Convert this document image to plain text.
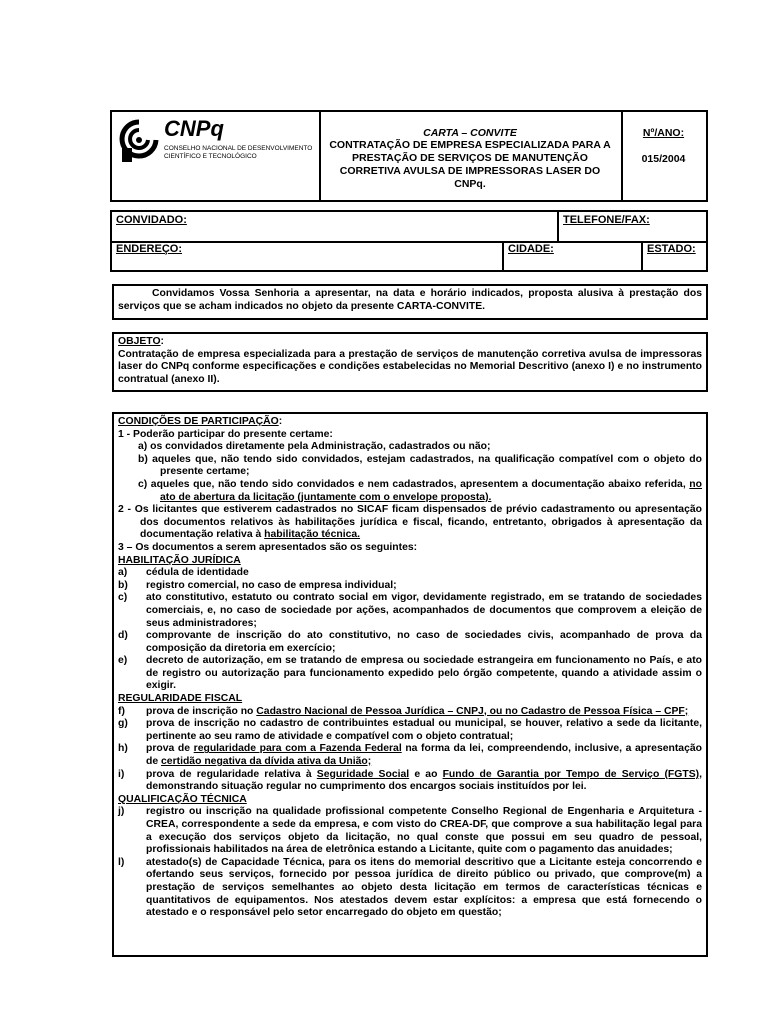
CNPq
CONSELHO NACIONAL DE DESENVOLVIMENTO CIENTÍFICO E TECNOLÓGICO
CARTA – CONVITE
CONTRATAÇÃO DE EMPRESA ESPECIALIZADA PARA A PRESTAÇÃO DE SERVIÇOS DE MANUTENÇÃO CORRETIVA AVULSA DE IMPRESSORAS LASER DO CNPq.
Nº/ANO:
015/2004
CONVIDADO:	TELEFONE/FAX:
ENDEREÇO:	CIDADE:	ESTADO:
Convidamos Vossa Senhoria a apresentar, na data e horário indicados, proposta alusiva à prestação dos serviços que se acham indicados no objeto da presente CARTA-CONVITE.
OBJETO:
Contratação de empresa especializada para a prestação de serviços de manutenção corretiva avulsa de impressoras laser do CNPq conforme especificações e condições estabelecidas no Memorial Descritivo (anexo I) e no instrumento contratual (anexo II).
CONDIÇÕES DE PARTICIPAÇÃO:
1 - Poderão participar do presente certame:
a) os convidados diretamente pela Administração, cadastrados ou não;
b) aqueles que, não tendo sido convidados, estejam cadastrados, na qualificação compatível com o objeto do presente certame;
c) aqueles que, não tendo sido convidados e nem cadastrados, apresentem a documentação abaixo referida, no ato de abertura da licitação (juntamente com o envelope proposta).
2 - Os licitantes que estiverem cadastrados no SICAF ficam dispensados de prévio cadastramento ou apresentação dos documentos relativos às habilitações jurídica e fiscal, ficando, entretanto, obrigados à apresentação da documentação relativa à habilitação técnica.
3 – Os documentos a serem apresentados são os seguintes:
HABILITAÇÃO JURÍDICA
a) cédula de identidade
b) registro comercial, no caso de empresa individual;
c) ato constitutivo, estatuto ou contrato social em vigor, devidamente registrado, em se tratando de sociedades comerciais, e, no caso de sociedade por ações, acompanhados de documentos que comprovem a eleição de seus administradores;
d) comprovante de inscrição do ato constitutivo, no caso de sociedades civis, acompanhado de prova da composição da diretoria em exercício;
e) decreto de autorização, em se tratando de empresa ou sociedade estrangeira em funcionamento no País, e ato de registro ou autorização para funcionamento expedido pelo órgão competente, quando a atividade assim o exigir.
REGULARIDADE FISCAL
f) prova de inscrição no Cadastro Nacional de Pessoa Jurídica – CNPJ, ou no Cadastro de Pessoa Física – CPF;
g) prova de inscrição no cadastro de contribuintes estadual ou municipal, se houver, relativo a sede da licitante, pertinente ao seu ramo de atividade e compatível com o objeto contratual;
h) prova de regularidade para com a Fazenda Federal na forma da lei, compreendendo, inclusive, a apresentação de certidão negativa da dívida ativa da União;
i) prova de regularidade relativa à Seguridade Social e ao Fundo de Garantia por Tempo de Serviço (FGTS), demonstrando situação regular no cumprimento dos encargos sociais instituídos por lei.
QUALIFICAÇÃO TÉCNICA
j) registro ou inscrição na qualidade profissional competente Conselho Regional de Engenharia e Arquitetura - CREA, correspondente a sede da empresa, e com visto do CREA-DF, que comprove a sua habilitação legal para a execução dos serviços objeto da licitação, no qual conste que possui em seu quadro de pessoal, profissionais habilitados na área de eletrônica estando a Licitante, quite com o pagamento das anuidades;
l) atestado(s) de Capacidade Técnica, para os itens do memorial descritivo que a Licitante esteja concorrendo e ofertando seus serviços, fornecido por pessoa jurídica de direito público ou privado, que comprove(m) a prestação de serviços semelhantes ao objeto desta licitação em termos de características técnicas e quantitativos de equipamentos. Nos atestados devem estar explícitos: a empresa que está fornecendo o atestado e o responsável pelo setor encarregado do objeto em questão;
